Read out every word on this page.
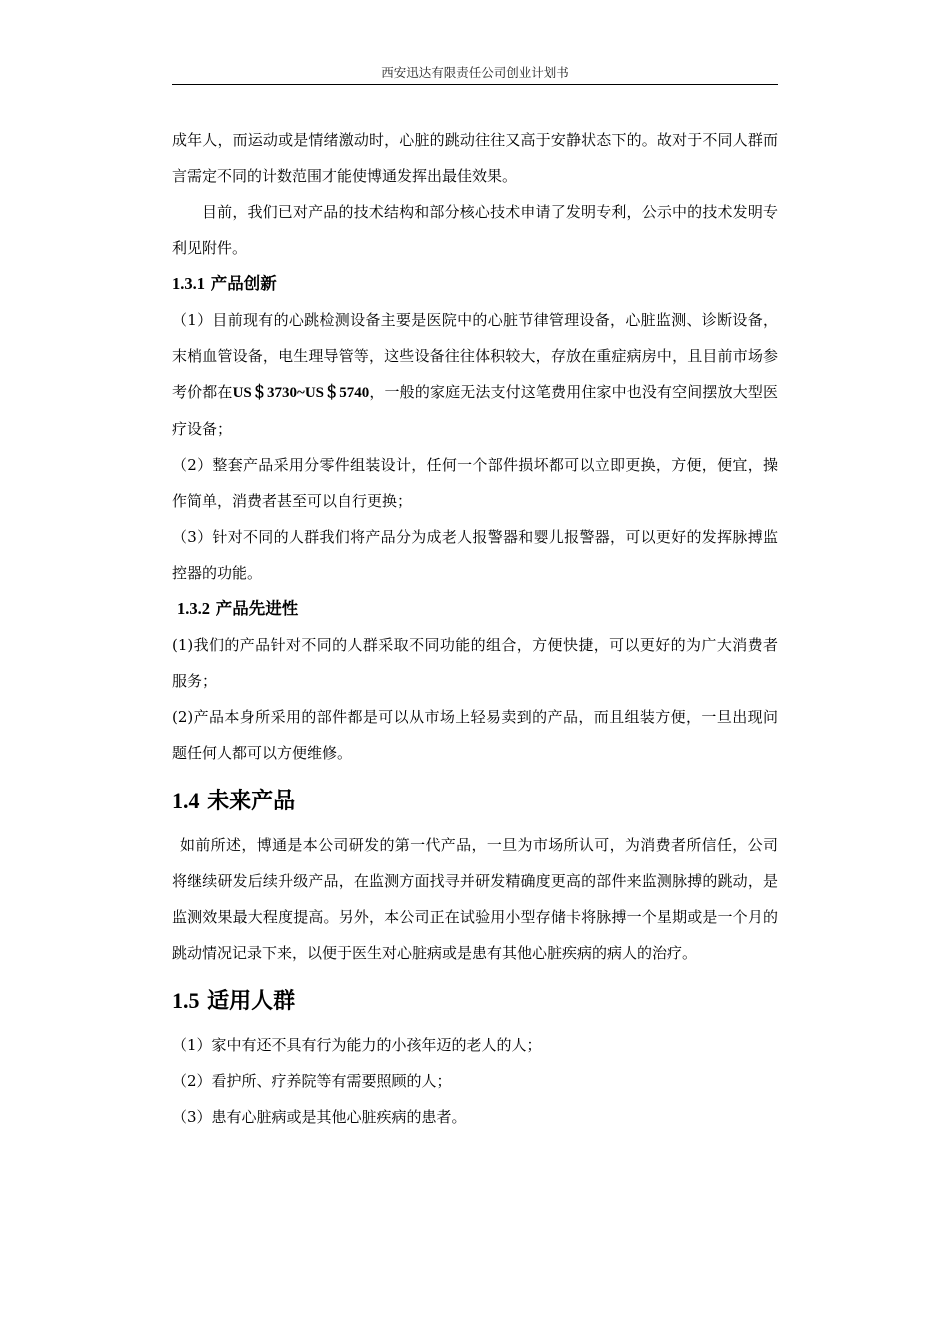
西安迅达有限责任公司创业计划书

成年人，而运动或是情绪激动时，心脏的跳动往往又高于安静状态下的。故对于不同人群而言需定不同的计数范围才能使博通发挥出最佳效果。

目前，我们已对产品的技术结构和部分核心技术申请了发明专利，公示中的技术发明专利见附件。

1.3.1 产品创新

（1）目前现有的心跳检测设备主要是医院中的心脏节律管理设备，心脏监测、诊断设备，末梢血管设备，电生理导管等，这些设备往往体积较大，存放在重症病房中，且目前市场参考价都在US＄3730~US＄5740，一般的家庭无法支付这笔费用住家中也没有空间摆放大型医疗设备；

（2）整套产品采用分零件组装设计，任何一个部件损坏都可以立即更换，方便，便宜，操作简单，消费者甚至可以自行更换；

（3）针对不同的人群我们将产品分为成老人报警器和婴儿报警器，可以更好的发挥脉搏监控器的功能。

1.3.2 产品先进性

(1)我们的产品针对不同的人群采取不同功能的组合，方便快捷，可以更好的为广大消费者服务；

(2)产品本身所采用的部件都是可以从市场上轻易卖到的产品，而且组装方便，一旦出现问题任何人都可以方便维修。

1.4 未来产品

如前所述，博通是本公司研发的第一代产品，一旦为市场所认可，为消费者所信任，公司将继续研发后续升级产品，在监测方面找寻并研发精确度更高的部件来监测脉搏的跳动，是监测效果最大程度提高。另外，本公司正在试验用小型存储卡将脉搏一个星期或是一个月的跳动情况记录下来，以便于医生对心脏病或是患有其他心脏疾病的病人的治疗。

1.5 适用人群

（1）家中有还不具有行为能力的小孩年迈的老人的人；

（2）看护所、疗养院等有需要照顾的人；

（3）患有心脏病或是其他心脏疾病的患者。
